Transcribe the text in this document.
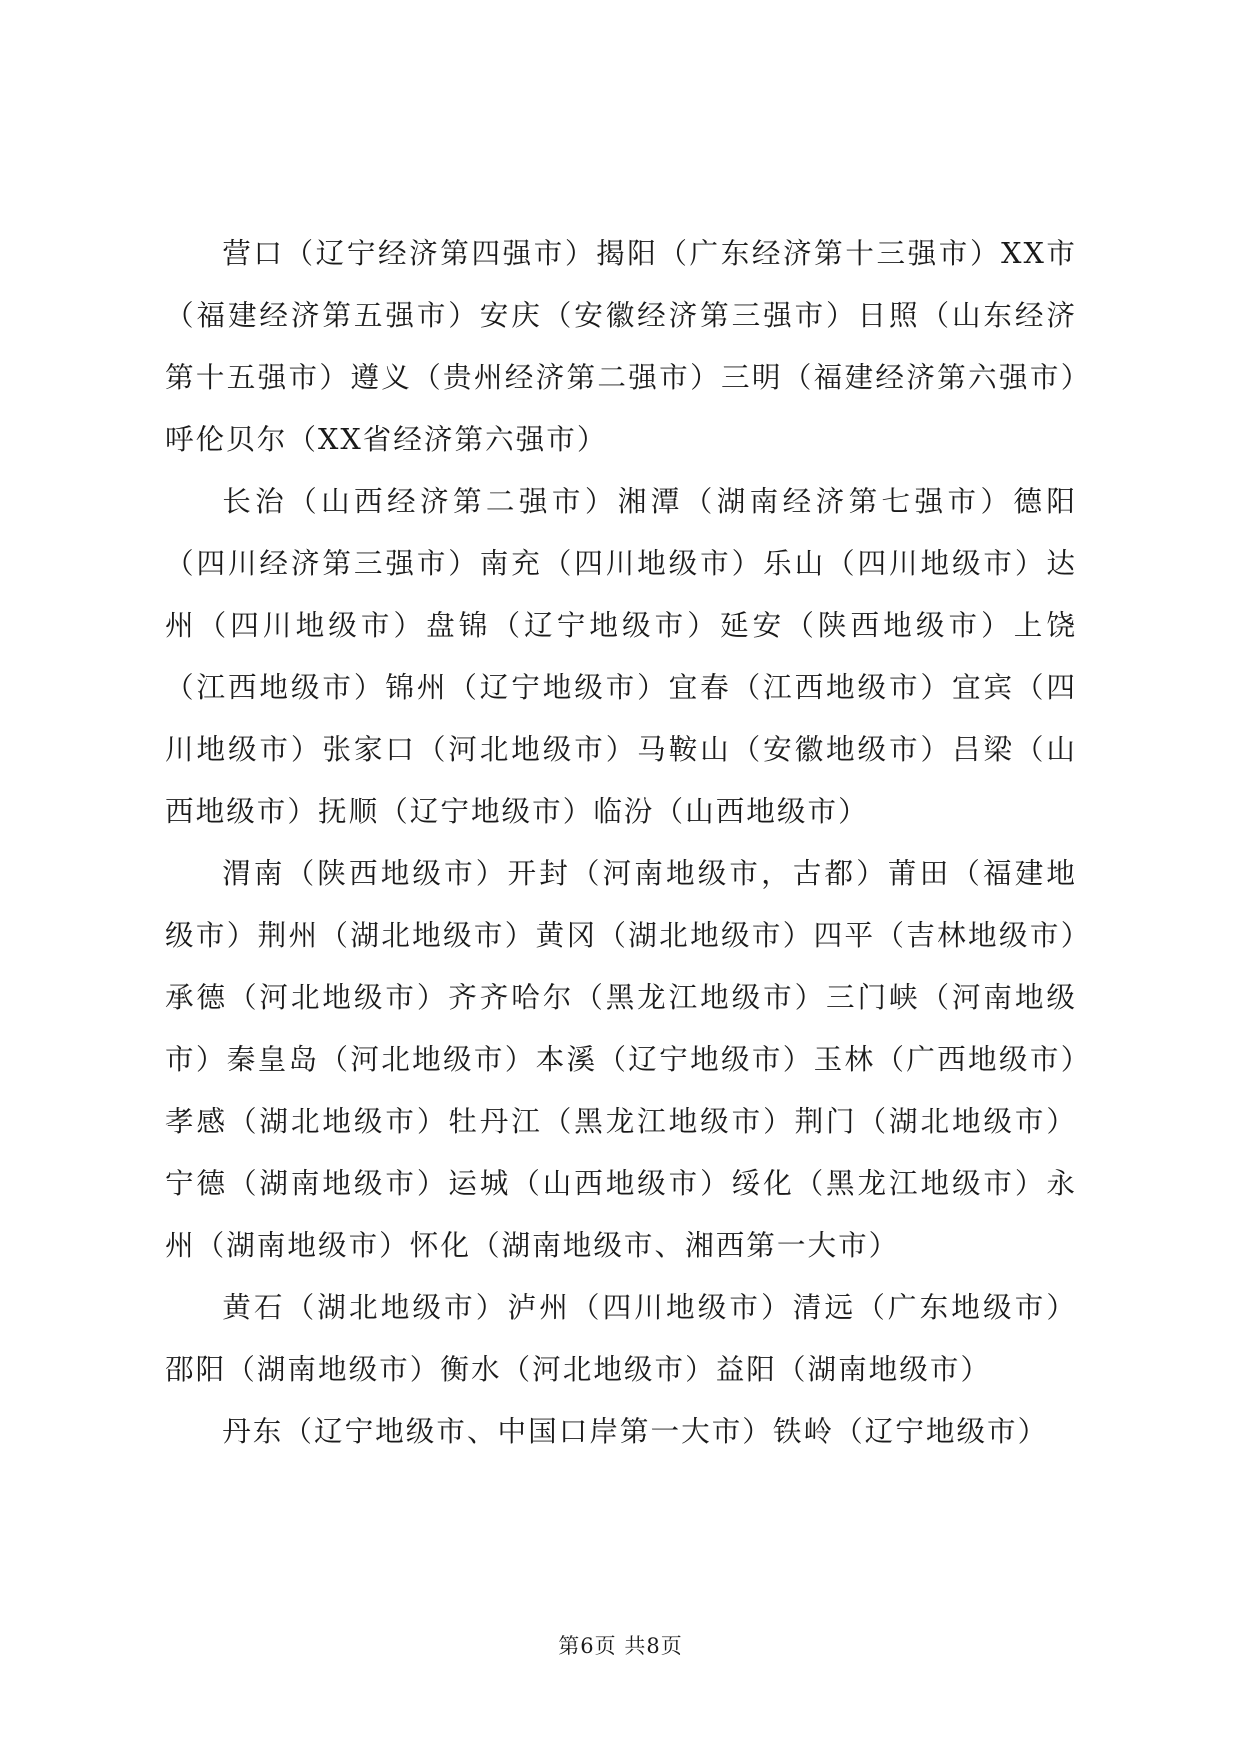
营口（辽宁经济第四强市）揭阳（广东经济第十三强市）XX市（福建经济第五强市）安庆（安徽经济第三强市）日照（山东经济第十五强市）遵义（贵州经济第二强市）三明（福建经济第六强市）呼伦贝尔（XX省经济第六强市）

长治（山西经济第二强市）湘潭（湖南经济第七强市）德阳（四川经济第三强市）南充（四川地级市）乐山（四川地级市）达州（四川地级市）盘锦（辽宁地级市）延安（陕西地级市）上饶（江西地级市）锦州（辽宁地级市）宜春（江西地级市）宜宾（四川地级市）张家口（河北地级市）马鞍山（安徽地级市）吕梁（山西地级市）抚顺（辽宁地级市）临汾（山西地级市）

渭南（陕西地级市）开封（河南地级市，古都）莆田（福建地级市）荆州（湖北地级市）黄冈（湖北地级市）四平（吉林地级市）承德（河北地级市）齐齐哈尔（黑龙江地级市）三门峡（河南地级市）秦皇岛（河北地级市）本溪（辽宁地级市）玉林（广西地级市）孝感（湖北地级市）牡丹江（黑龙江地级市）荆门（湖北地级市）宁德（湖南地级市）运城（山西地级市）绥化（黑龙江地级市）永州（湖南地级市）怀化（湖南地级市、湘西第一大市）

黄石（湖北地级市）泸州（四川地级市）清远（广东地级市）邵阳（湖南地级市）衡水（河北地级市）益阳（湖南地级市）

丹东（辽宁地级市、中国口岸第一大市）铁岭（辽宁地级市）

第6页 共8页
